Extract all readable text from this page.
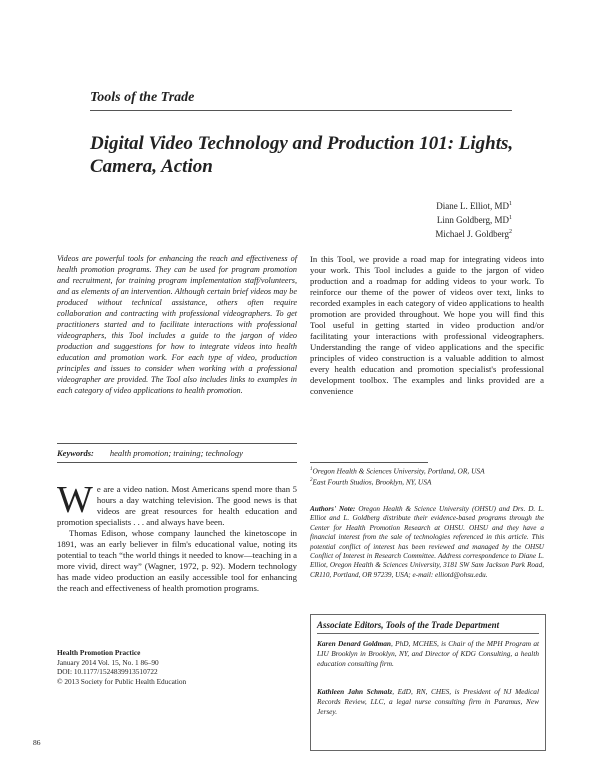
Tools of the Trade
Digital Video Technology and Production 101: Lights, Camera, Action
Diane L. Elliot, $MD^1$
Linn Goldberg, $MD^1$
Michael J. Goldberg$^2$
Videos are powerful tools for enhancing the reach and effectiveness of health promotion programs. They can be used for program promotion and recruitment, for training program implementation staff/volunteers, and as elements of an intervention. Although certain brief videos may be produced without technical assistance, others often require collaboration and contracting with professional videographers. To get practitioners started and to facilitate interactions with professional videographers, this Tool includes a guide to the jargon of video production and suggestions for how to integrate videos into health education and promotion work. For each type of video, production principles and issues to consider when working with a professional videographer are provided. The Tool also includes links to examples in each category of video applications to health promotion.
In this Tool, we provide a road map for integrating videos into your work. This Tool includes a guide to the jargon of video production and a roadmap for adding videos to your work. To reinforce our theme of the power of videos over text, links to recorded examples in each category of video applications to health promotion are provided throughout. We hope you will find this Tool useful in getting started in video production and/or facilitating your interactions with professional videographers. Understanding the range of video applications and the specific principles of video construction is a valuable addition to almost every health education and promotion specialist's professional development toolbox. The examples and links provided are a convenience
Keywords: health promotion; training; technology
$^1$Oregon Health & Sciences University, Portland, OR, USA
$^2$East Fourth Studios, Brooklyn, NY, USA
Authors' Note: Oregon Health & Science University (OHSU) and Drs. D. L. Elliot and L. Goldberg distribute their evidence-based programs through the Center for Health Promotion Research at OHSU. OHSU and they have a financial interest from the sale of technologies referenced in this article. This potential conflict of interest has been reviewed and managed by the OHSU Conflict of Interest in Research Committee. Address correspondence to Diane L. Elliot, Oregon Health & Sciences University, 3181 SW Sam Jackson Park Road, CR110, Portland, OR 97239, USA; e-mail: elliotd@ohsu.edu.

We are a video nation. Most Americans spend more than 5 hours a day watching television. The good news is that videos are great resources for health education and promotion specialists . . . and always have been.

Thomas Edison, whose company launched the kinetoscope in 1891, was an early believer in film's educational value, noting its potential to teach “the world things it needed to know—teaching in a more vivid, direct way” (Wagner, 1972, p. 92). Modern technology has made video production an easily accessible tool for enhancing the reach and effectiveness of health promotion programs.

Health Promotion Practice
January 2014 Vol. 15, No. 1 86–90
DOI: 10.1177/1524839913510722
© 2013 Society for Public Health Education
Associate Editors, Tools of the Trade Department
Karen Denard Goldman, PhD, MCHES, is Chair of the MPH Program at LIU Brooklyn in Brooklyn, NY, and Director of KDG Consulting, a health education consulting firm.
Kathleen Jahn Schmalz, EdD, RN, CHES, is President of NJ Medical Records Review, LLC, a legal nurse consulting firm in Paramus, New Jersey.
86
